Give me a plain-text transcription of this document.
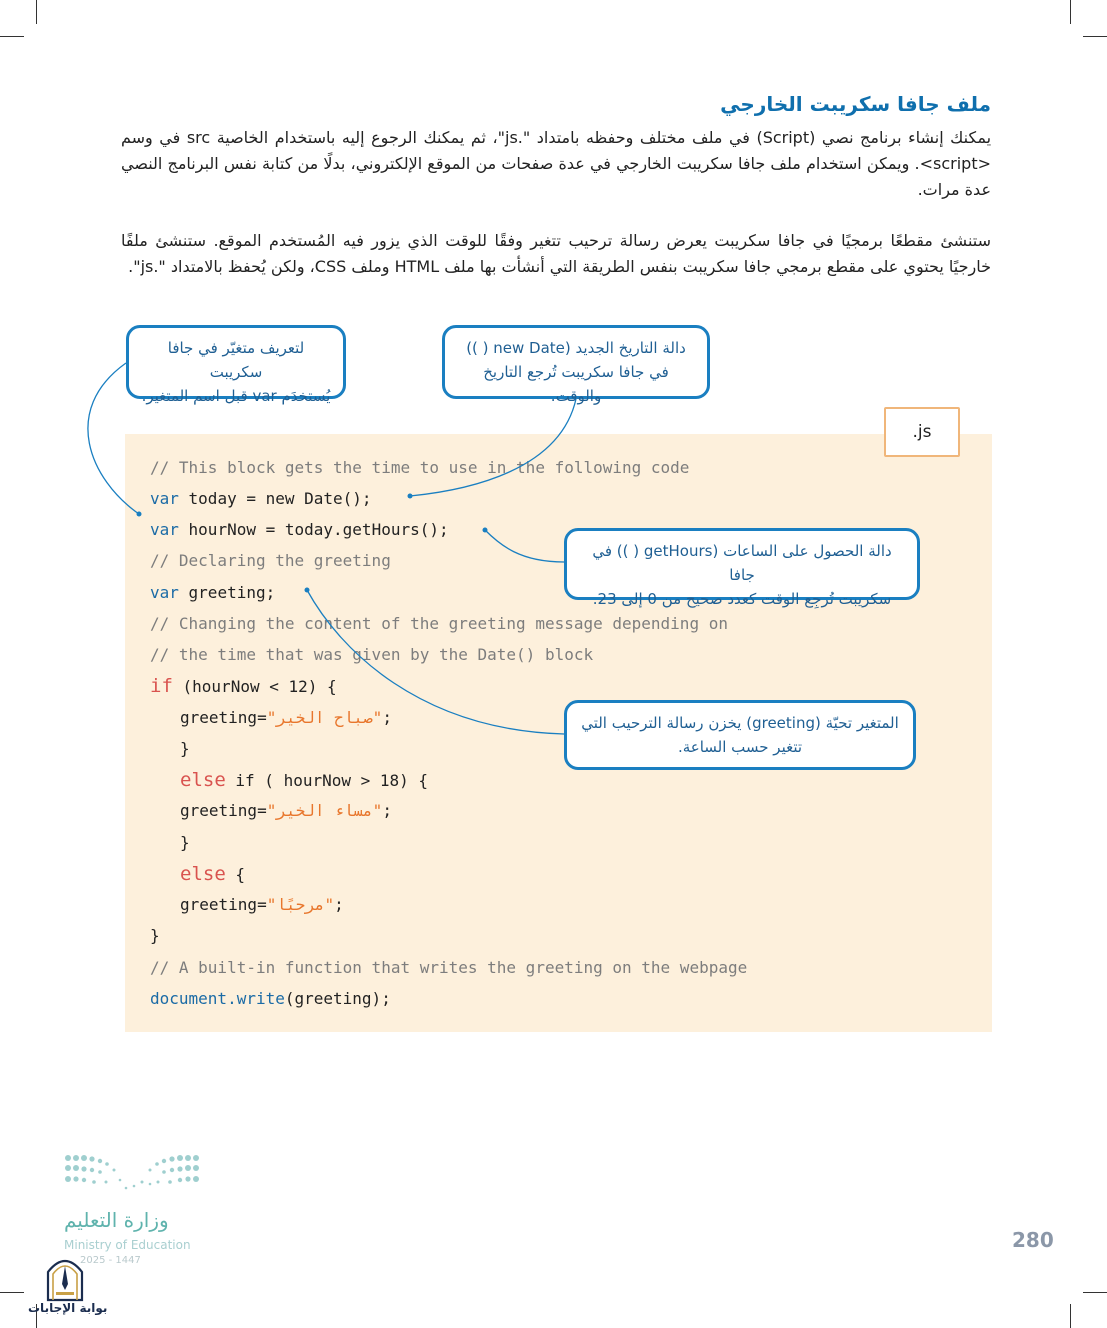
ملف جافا سكريبت الخارجي

يمكنك إنشاء برنامج نصي (Script) في ملف مختلف وحفظه بامتداد ".js"، ثم يمكنك الرجوع إليه باستخدام الخاصية src في وسم <script>. ويمكن استخدام ملف جافا سكريبت الخارجي في عدة صفحات من الموقع الإلكتروني، بدلًا من كتابة نفس البرنامج النصي عدة مرات.

ستنشئ مقطعًا برمجيًا في جافا سكريبت يعرض رسالة ترحيب تتغير وفقًا للوقت الذي يزور فيه المُستخدم الموقع. ستنشئ ملفًا خارجيًا يحتوي على مقطع برمجي جافا سكريبت بنفس الطريقة التي أنشأت بها ملف HTML وملف CSS، ولكن يُحفظ بالامتداد ".js".

// This block gets the time to use in the following code
var today = new Date();
var hourNow = today.getHours();
// Declaring the greeting
var greeting;
// Changing the content of the greeting message depending on
// the time that was given by the Date() block
if (hourNow < 12) {
greeting="صباح الخير";
}
else if ( hourNow > 18) {
greeting="مساء الخير";
}
else {
greeting="مرحبًا";
}
// A built-in function that writes the greeting on the webpage
document.write(greeting);
لتعريف متغيّر في جافا سكريبت
يُستخدَم var قبل اسم المتغير.
دالة التاريخ الجديد (new Date ( ))
في جافا سكريبت تُرجع التاريخ والوقت.
دالة الحصول على الساعات (getHours ( )) في جافا
سكريبت تُرجِع الوقت كعدد صحيح من 0 إلى 23.
المتغير تحيّة (greeting) يخزن رسالة الترحيب التي
تتغير حسب الساعة.
.js
وزارة التعليم
Ministry of Education
2025 - 1447
بوابة الإجابات
280
